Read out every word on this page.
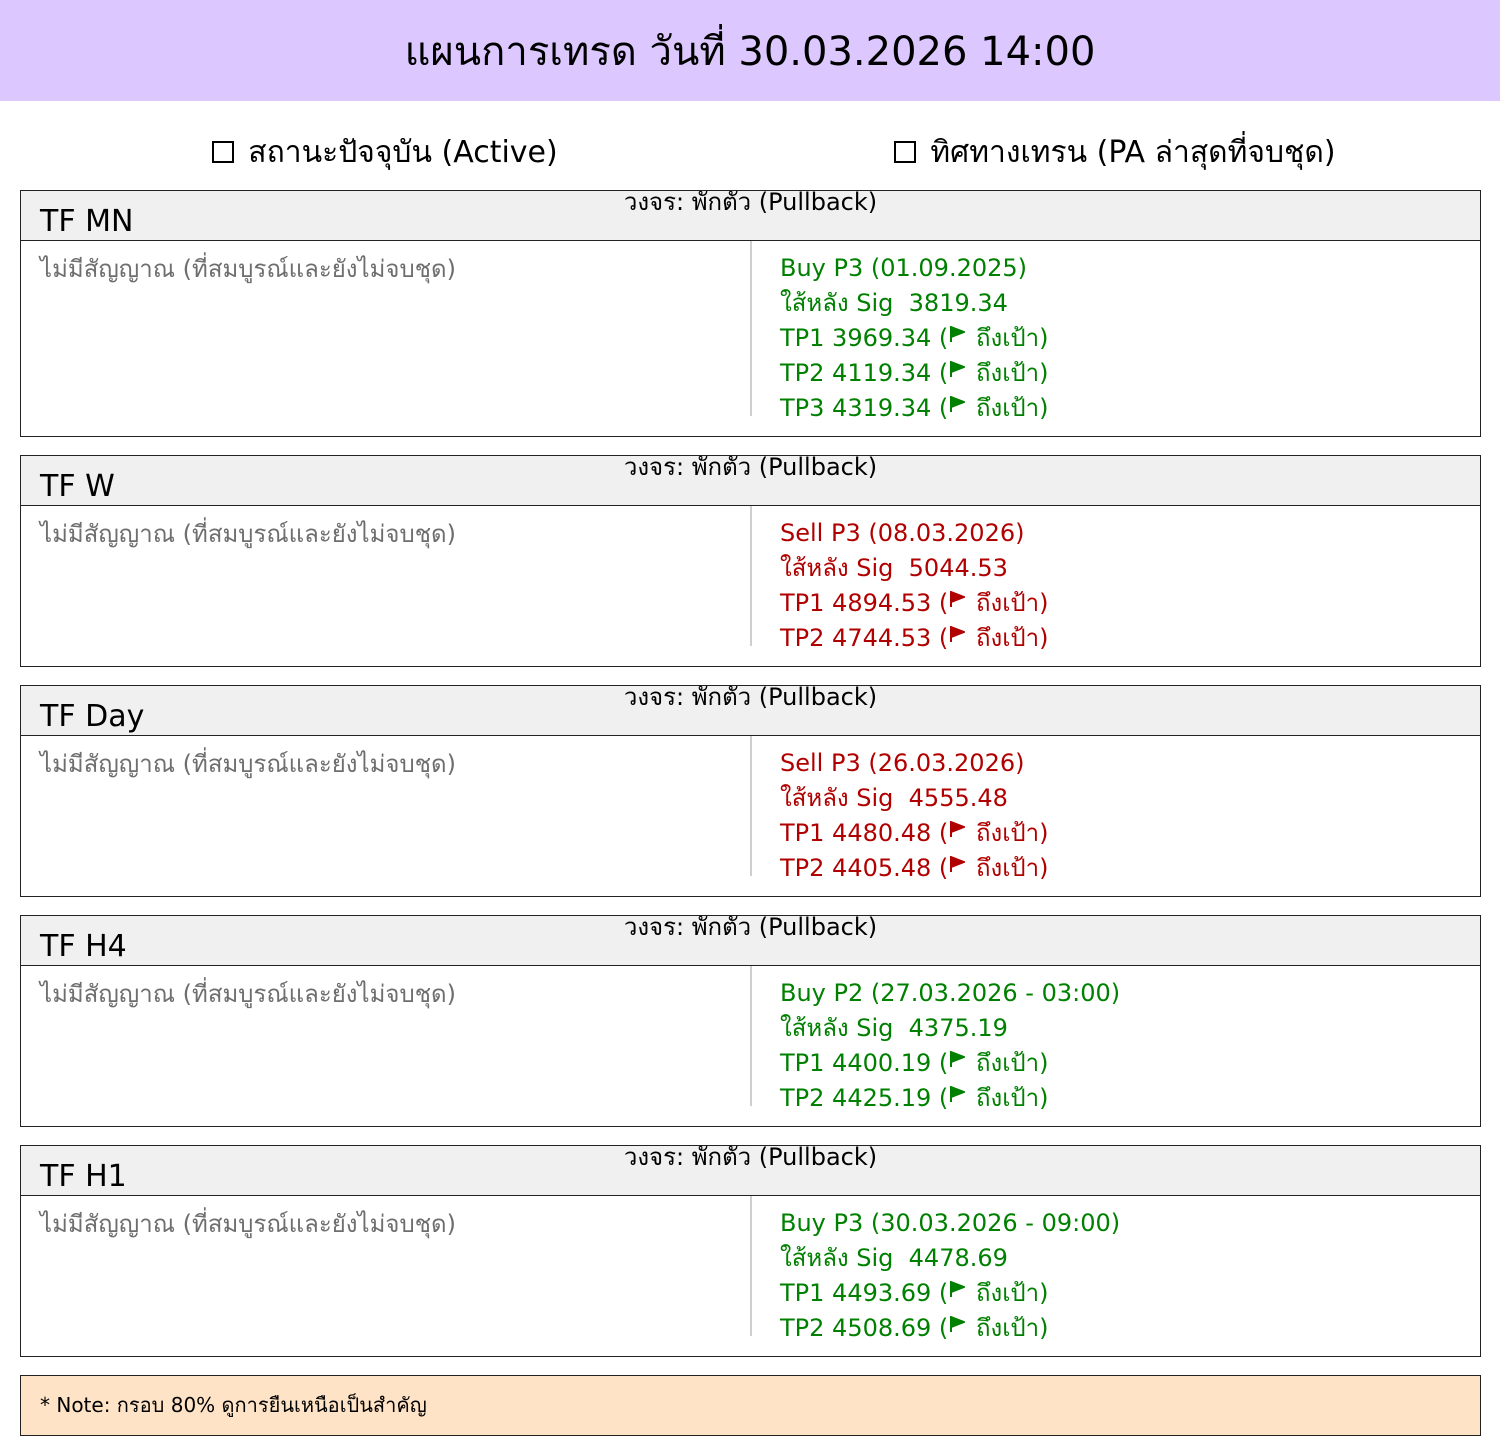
แผนการเทรด วันที่ 30.03.2026 14:00
สถานะปัจจุบัน (Active)	ทิศทางเทรน (PA ล่าสุดที่จบชุด)
TF MN
วงจร: พักตัว (Pullback)
ไม่มีสัญญาณ (ที่สมบูรณ์และยังไม่จบชุด)	Buy P3 (01.09.2025)
ใส้หลัง Sig 3819.34
TP1 3969.34 ( ถึงเป้า)
TP2 4119.34 ( ถึงเป้า)
TP3 4319.34 ( ถึงเป้า)
TF W
วงจร: พักตัว (Pullback)
ไม่มีสัญญาณ (ที่สมบูรณ์และยังไม่จบชุด)	Sell P3 (08.03.2026)
ใส้หลัง Sig 5044.53
TP1 4894.53 ( ถึงเป้า)
TP2 4744.53 ( ถึงเป้า)
TF Day
วงจร: พักตัว (Pullback)
ไม่มีสัญญาณ (ที่สมบูรณ์และยังไม่จบชุด)	Sell P3 (26.03.2026)
ใส้หลัง Sig 4555.48
TP1 4480.48 ( ถึงเป้า)
TP2 4405.48 ( ถึงเป้า)
TF H4
วงจร: พักตัว (Pullback)
ไม่มีสัญญาณ (ที่สมบูรณ์และยังไม่จบชุด)	Buy P2 (27.03.2026 - 03:00)
ใส้หลัง Sig 4375.19
TP1 4400.19 ( ถึงเป้า)
TP2 4425.19 ( ถึงเป้า)
TF H1
วงจร: พักตัว (Pullback)
ไม่มีสัญญาณ (ที่สมบูรณ์และยังไม่จบชุด)	Buy P3 (30.03.2026 - 09:00)
ใส้หลัง Sig 4478.69
TP1 4493.69 ( ถึงเป้า)
TP2 4508.69 ( ถึงเป้า)
* Note: กรอบ 80% ดูการยืนเหนือเป็นสำคัญ
